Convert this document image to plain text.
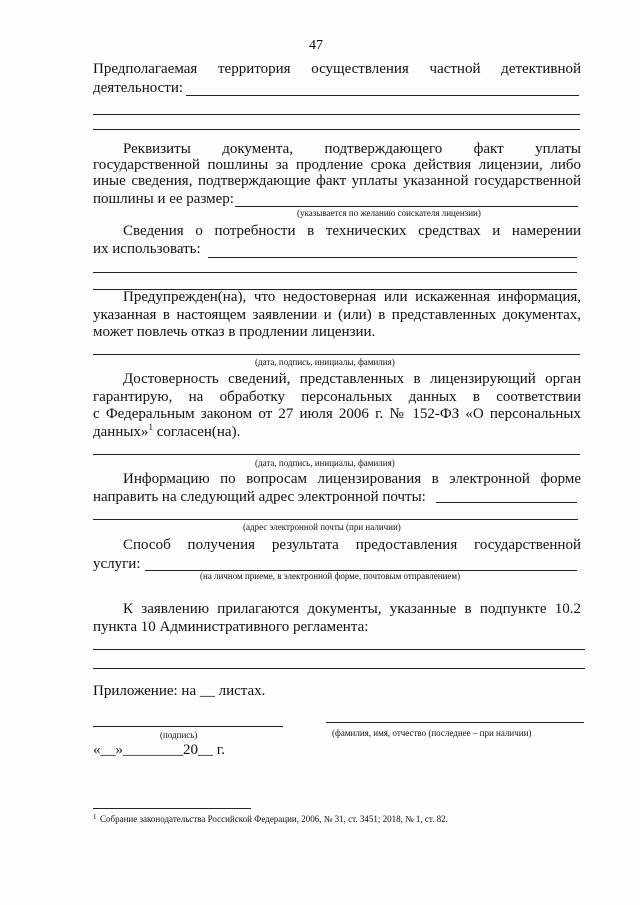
47
Предполагаемая территория осуществления частной детективной
деятельности:
Реквизиты документа, подтверждающего факт уплаты
государственной пошлины за продление срока действия лицензии, либо
иные сведения, подтверждающие факт уплаты указанной государственной
пошлины и ее размер:
(указывается по желанию соискателя лицензии)
Сведения о потребности в технических средствах и намерении
их использовать:
Предупрежден(на), что недостоверная или искаженная информация,
указанная в настоящем заявлении и (или) в представленных документах,
может повлечь отказ в продлении лицензии.
(дата, подпись, инициалы, фамилия)
Достоверность сведений, представленных в лицензирующий орган
гарантирую, на обработку персональных данных в соответствии
с Федеральным законом от 27 июля 2006 г. № 152-ФЗ «О персональных
данных»$^1$ согласен(на).
(дата, подпись, инициалы, фамилия)
Информацию по вопросам лицензирования в электронной форме
направить на следующий адрес электронной почты:
(адрес электронной почты (при наличии)
Способ получения результата предоставления государственной
услуги:
(на личном приеме, в электронной форме, почтовым отправлением)
К заявлению прилагаются документы, указанные в подпункте 10.2
пункта 10 Административного регламента:
Приложение: на __ листах.
(подпись)	(фамилия, имя, отчество (последнее – при наличии)
«__»________20__ г.
1 Собрание законодательства Российской Федерации, 2006, № 31, ст. 3451; 2018, № 1, ст. 82.
